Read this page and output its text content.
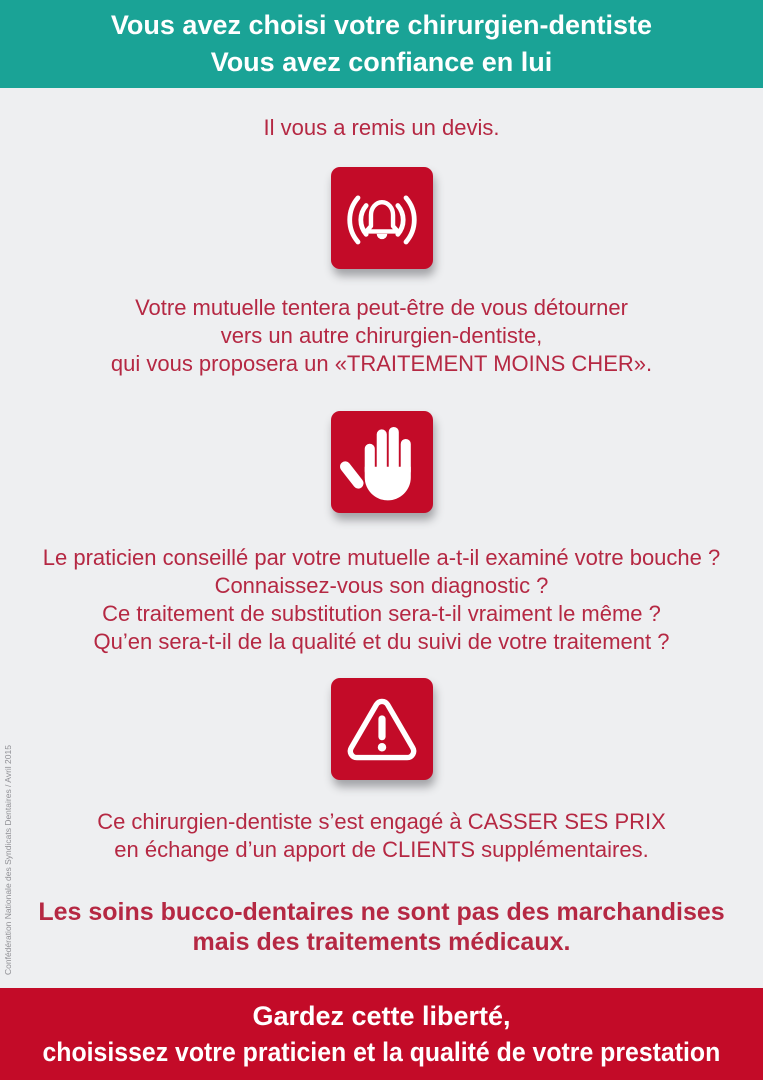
Vous avez choisi votre chirurgien-dentiste
Vous avez confiance en lui
Il vous a remis un devis.
Votre mutuelle tentera peut-être de vous détourner
vers un autre chirurgien-dentiste,
qui vous proposera un «TRAITEMENT MOINS CHER».
Le praticien conseillé par votre mutuelle a-t-il examiné votre bouche ?
Connaissez-vous son diagnostic ?
Ce traitement de substitution sera-t-il vraiment le même ?
Qu’en sera-t-il de la qualité et du suivi de votre traitement ?
Ce chirurgien-dentiste s’est engagé à CASSER SES PRIX
en échange d’un apport de CLIENTS supplémentaires.
Les soins bucco-dentaires ne sont pas des marchandises
mais des traitements médicaux.
Confédération Nationale des Syndicats Dentaires / Avril 2015
Gardez cette liberté,
choisissez votre praticien et la qualité de votre prestation
